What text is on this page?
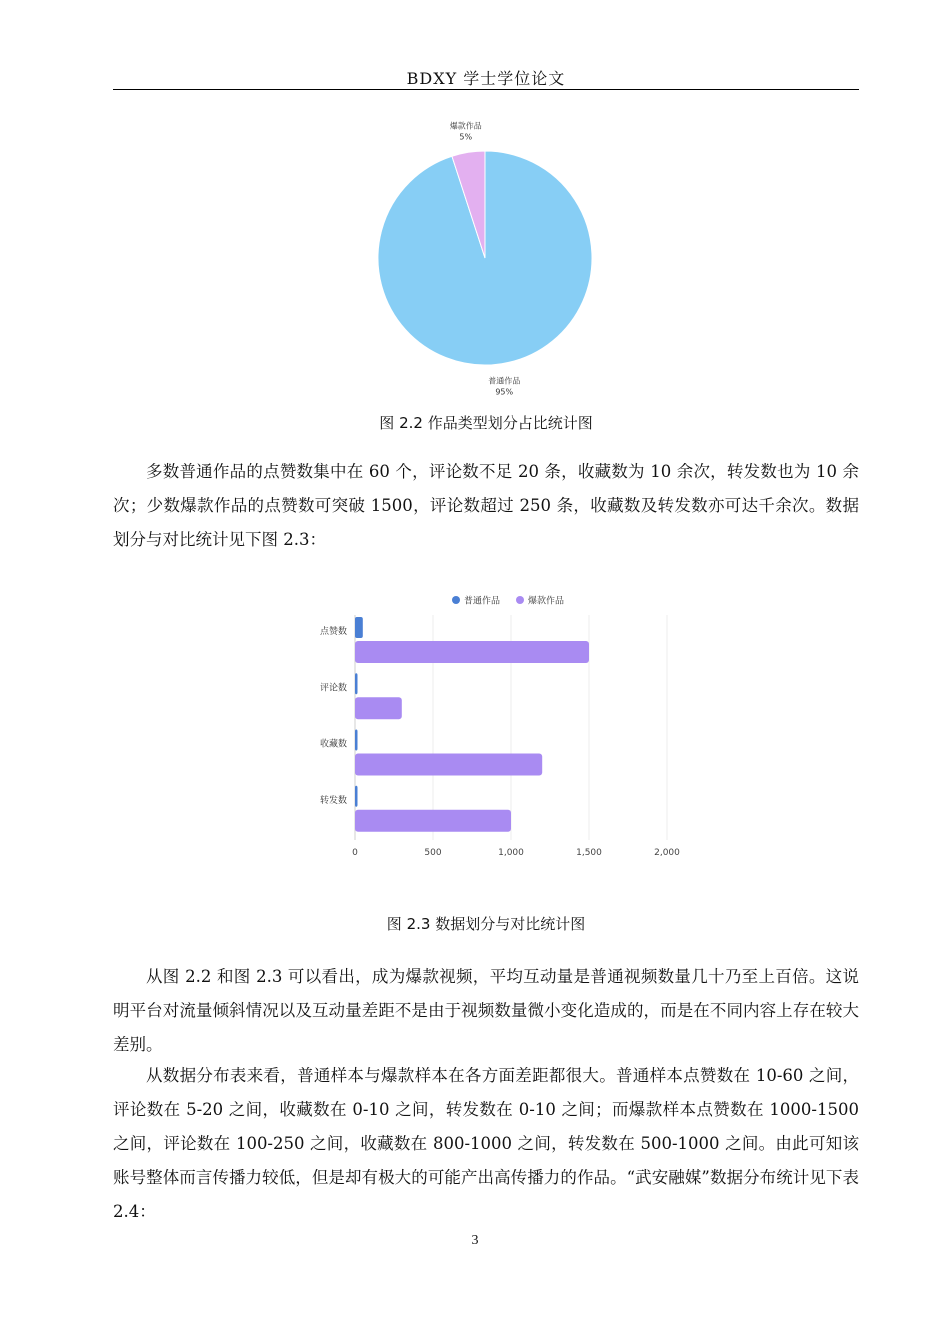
BDXY 学士学位论文
普通作品
95%
爆款作品
5%
图 2.2 作品类型划分占比统计图

多数普通作品的点赞数集中在 60 个，评论数不足 20 条，收藏数为 10 余次，转发数也为 10 余次；少数爆款作品的点赞数可突破 1500，评论数超过 250 条，收藏数及转发数亦可达千余次。数据划分与对比统计见下图 2.3：

普通作品	爆款作品
点赞数
评论数
收藏数
转发数
0	500	1,000	1,500	2,000
图 2.3 数据划分与对比统计图

从图 2.2 和图 2.3 可以看出，成为爆款视频，平均互动量是普通视频数量几十乃至上百倍。这说明平台对流量倾斜情况以及互动量差距不是由于视频数量微小变化造成的，而是在不同内容上存在较大差别。

从数据分布表来看，普通样本与爆款样本在各方面差距都很大。普通样本点赞数在 10-60 之间，评论数在 5-20 之间，收藏数在 0-10 之间，转发数在 0-10 之间；而爆款样本点赞数在 1000-1500 之间，评论数在 100-250 之间，收藏数在 800-1000 之间，转发数在 500-1000 之间。由此可知该账号整体而言传播力较低，但是却有极大的可能产出高传播力的作品。“武安融媒”数据分布统计见下表 2.4：

3
